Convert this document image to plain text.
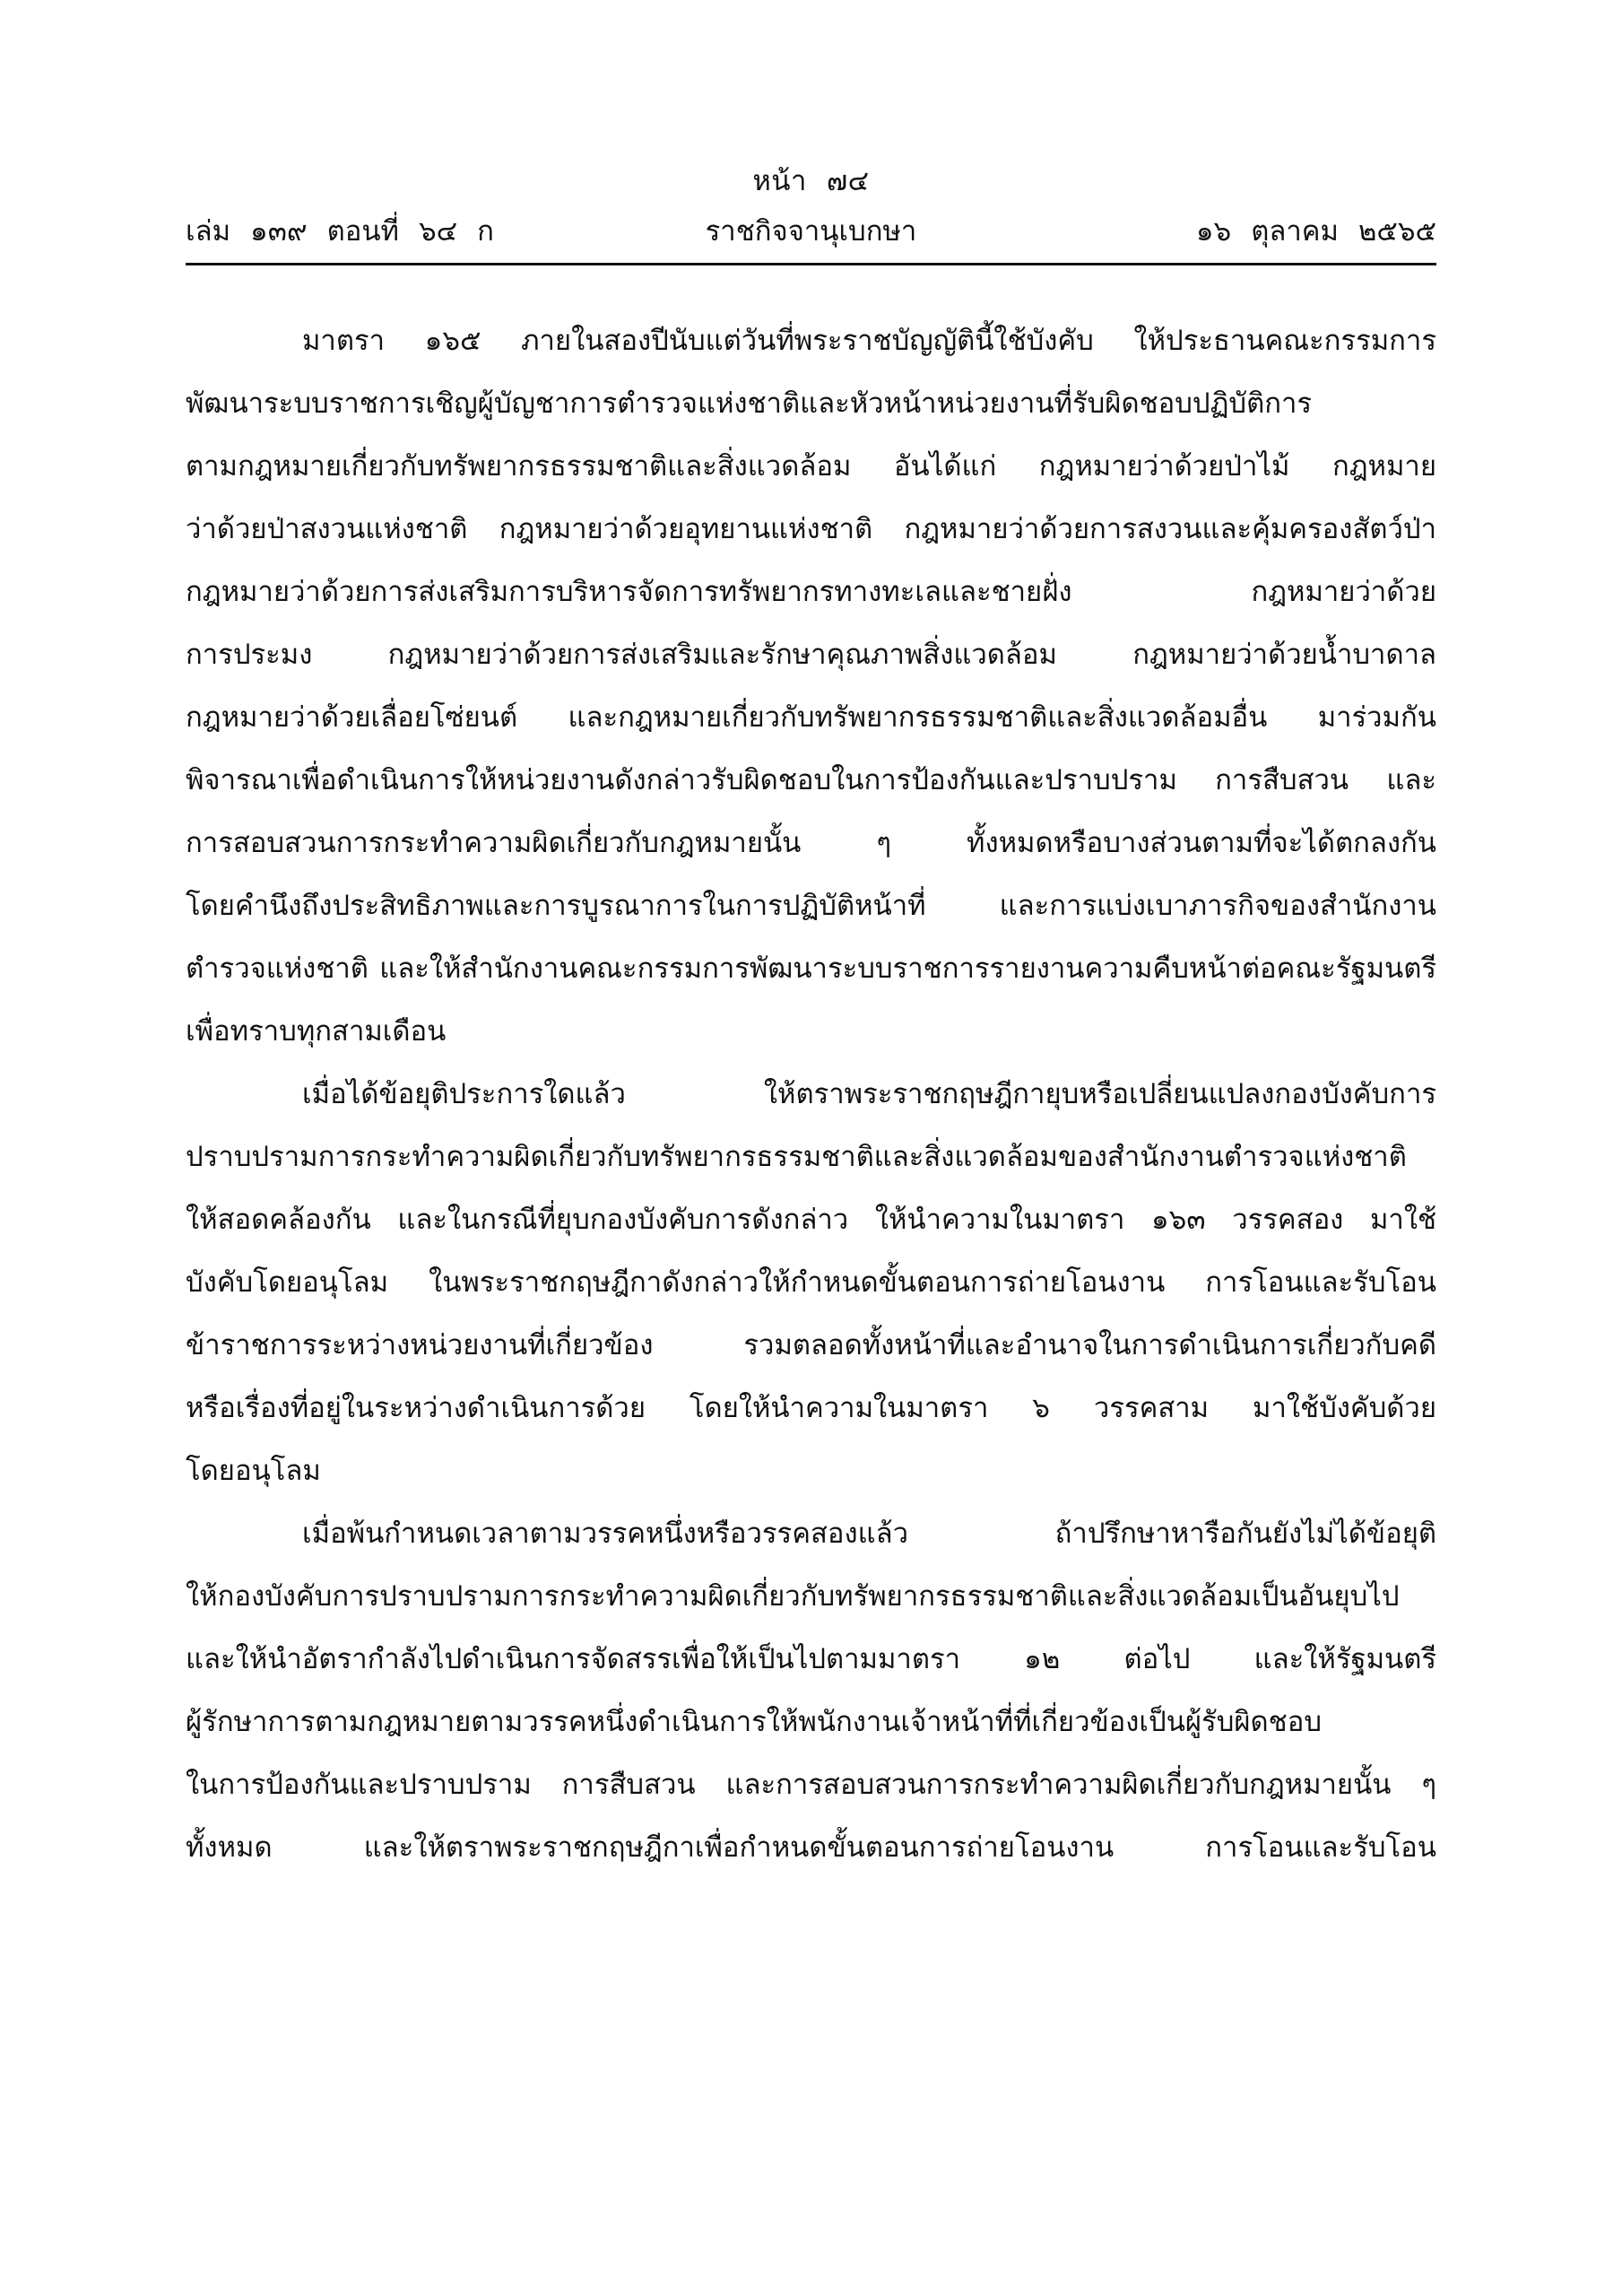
หน้า ๗๔
เล่ม ๑๓๙ ตอนที่ ๖๔ ก	ราชกิจจานุเบกษา	๑๖ ตุลาคม ๒๕๖๕
มาตรา ๑๖๕ ภายในสองปีนับแต่วันที่พระราชบัญญัตินี้ใช้บังคับ ให้ประธานคณะกรรมการ
พัฒนาระบบราชการเชิญผู้บัญชาการตำรวจแห่งชาติและหัวหน้าหน่วยงานที่รับผิดชอบปฏิบัติการ
ตามกฎหมายเกี่ยวกับทรัพยากรธรรมชาติและสิ่งแวดล้อม อันได้แก่ กฎหมายว่าด้วยป่าไม้ กฎหมาย
ว่าด้วยป่าสงวนแห่งชาติ กฎหมายว่าด้วยอุทยานแห่งชาติ กฎหมายว่าด้วยการสงวนและคุ้มครองสัตว์ป่า
กฎหมายว่าด้วยการส่งเสริมการบริหารจัดการทรัพยากรทางทะเลและชายฝั่ง กฎหมายว่าด้วย
การประมง กฎหมายว่าด้วยการส่งเสริมและรักษาคุณภาพสิ่งแวดล้อม กฎหมายว่าด้วยน้ำบาดาล
กฎหมายว่าด้วยเลื่อยโซ่ยนต์ และกฎหมายเกี่ยวกับทรัพยากรธรรมชาติและสิ่งแวดล้อมอื่น มาร่วมกัน
พิจารณาเพื่อดำเนินการให้หน่วยงานดังกล่าวรับผิดชอบในการป้องกันและปราบปราม การสืบสวน และ
การสอบสวนการกระทำความผิดเกี่ยวกับกฎหมายนั้น ๆ ทั้งหมดหรือบางส่วนตามที่จะได้ตกลงกัน
โดยคำนึงถึงประสิทธิภาพและการบูรณาการในการปฏิบัติหน้าที่ และการแบ่งเบาภารกิจของสำนักงาน
ตำรวจแห่งชาติ และให้สำนักงานคณะกรรมการพัฒนาระบบราชการรายงานความคืบหน้าต่อคณะรัฐมนตรี
เพื่อทราบทุกสามเดือน
เมื่อได้ข้อยุติประการใดแล้ว ให้ตราพระราชกฤษฎีกายุบหรือเปลี่ยนแปลงกองบังคับการ
ปราบปรามการกระทำความผิดเกี่ยวกับทรัพยากรธรรมชาติและสิ่งแวดล้อมของสำนักงานตำรวจแห่งชาติ
ให้สอดคล้องกัน และในกรณีที่ยุบกองบังคับการดังกล่าว ให้นำความในมาตรา ๑๖๓ วรรคสอง มาใช้
บังคับโดยอนุโลม ในพระราชกฤษฎีกาดังกล่าวให้กำหนดขั้นตอนการถ่ายโอนงาน การโอนและรับโอน
ข้าราชการระหว่างหน่วยงานที่เกี่ยวข้อง รวมตลอดทั้งหน้าที่และอำนาจในการดำเนินการเกี่ยวกับคดี
หรือเรื่องที่อยู่ในระหว่างดำเนินการด้วย โดยให้นำความในมาตรา ๖ วรรคสาม มาใช้บังคับด้วย
โดยอนุโลม
เมื่อพ้นกำหนดเวลาตามวรรคหนึ่งหรือวรรคสองแล้ว ถ้าปรึกษาหารือกันยังไม่ได้ข้อยุติ
ให้กองบังคับการปราบปรามการกระทำความผิดเกี่ยวกับทรัพยากรธรรมชาติและสิ่งแวดล้อมเป็นอันยุบไป
และให้นำอัตรากำลังไปดำเนินการจัดสรรเพื่อให้เป็นไปตามมาตรา ๑๒ ต่อไป และให้รัฐมนตรี
ผู้รักษาการตามกฎหมายตามวรรคหนึ่งดำเนินการให้พนักงานเจ้าหน้าที่ที่เกี่ยวข้องเป็นผู้รับผิดชอบ
ในการป้องกันและปราบปราม การสืบสวน และการสอบสวนการกระทำความผิดเกี่ยวกับกฎหมายนั้น ๆ
ทั้งหมด และให้ตราพระราชกฤษฎีกาเพื่อกำหนดขั้นตอนการถ่ายโอนงาน การโอนและรับโอน
